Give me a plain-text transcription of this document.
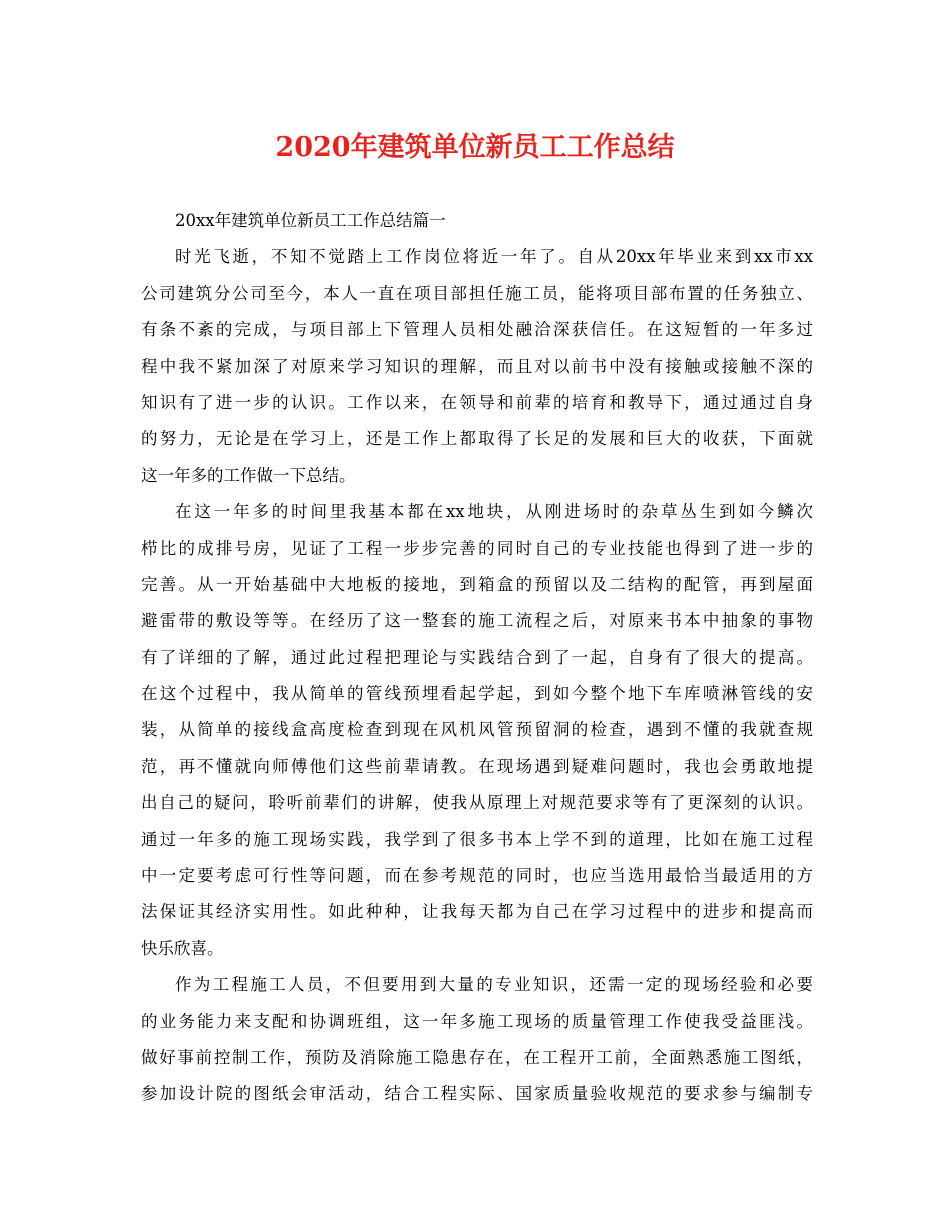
2020年建筑单位新员工工作总结
20xx年建筑单位新员工工作总结篇一
时光飞逝，不知不觉踏上工作岗位将近一年了。自从20xx年毕业来到xx市xx
公司建筑分公司至今，本人一直在项目部担任施工员，能将项目部布置的任务独立、
有条不紊的完成，与项目部上下管理人员相处融洽深获信任。在这短暂的一年多过
程中我不紧加深了对原来学习知识的理解，而且对以前书中没有接触或接触不深的
知识有了进一步的认识。工作以来，在领导和前辈的培育和教导下，通过通过自身
的努力，无论是在学习上，还是工作上都取得了长足的发展和巨大的收获，下面就
这一年多的工作做一下总结。
在这一年多的时间里我基本都在xx地块，从刚进场时的杂草丛生到如今鳞次
栉比的成排号房，见证了工程一步步完善的同时自己的专业技能也得到了进一步的
完善。从一开始基础中大地板的接地，到箱盒的预留以及二结构的配管，再到屋面
避雷带的敷设等等。在经历了这一整套的施工流程之后，对原来书本中抽象的事物
有了详细的了解，通过此过程把理论与实践结合到了一起，自身有了很大的提高。
在这个过程中，我从简单的管线预埋看起学起，到如今整个地下车库喷淋管线的安
装，从简单的接线盒高度检查到现在风机风管预留洞的检查，遇到不懂的我就查规
范，再不懂就向师傅他们这些前辈请教。在现场遇到疑难问题时，我也会勇敢地提
出自己的疑问，聆听前辈们的讲解，使我从原理上对规范要求等有了更深刻的认识。
通过一年多的施工现场实践，我学到了很多书本上学不到的道理，比如在施工过程
中一定要考虑可行性等问题，而在参考规范的同时，也应当选用最恰当最适用的方
法保证其经济实用性。如此种种，让我每天都为自己在学习过程中的进步和提高而
快乐欣喜。
作为工程施工人员，不但要用到大量的专业知识，还需一定的现场经验和必要
的业务能力来支配和协调班组，这一年多施工现场的质量管理工作使我受益匪浅。
做好事前控制工作，预防及消除施工隐患存在，在工程开工前，全面熟悉施工图纸，
参加设计院的图纸会审活动，结合工程实际、国家质量验收规范的要求参与编制专
